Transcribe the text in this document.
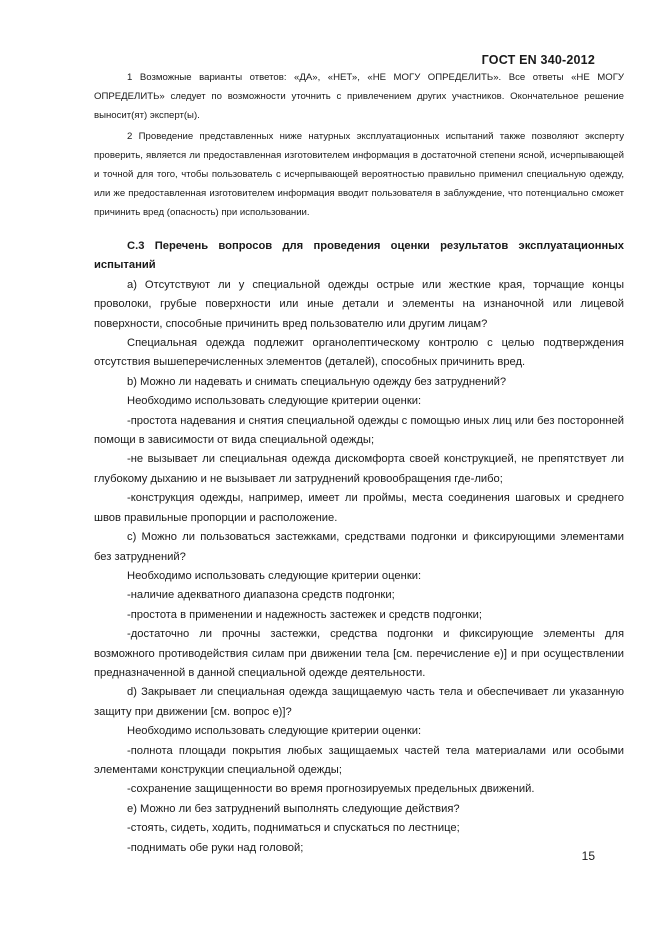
ГОСТ EN 340-2012

1 Возможные варианты ответов: «ДА», «НЕТ», «НЕ МОГУ ОПРЕДЕЛИТЬ». Все ответы «НЕ МОГУ ОПРЕДЕЛИТЬ» следует по возможности уточнить с привлечением других участников. Окончательное решение выносит(ят) эксперт(ы).

2 Проведение представленных ниже натурных эксплуатационных испытаний также позволяют эксперту проверить, является ли предоставленная изготовителем информация в достаточной степени ясной, исчерпывающей и точной для того, чтобы пользователь с исчерпывающей вероятностью правильно применил специальную одежду, или же предоставленная изготовителем информация вводит пользователя в заблуждение, что потенциально сможет причинить вред (опасность) при использовании.

С.3 Перечень вопросов для проведения оценки результатов эксплуатационных испытаний

а) Отсутствуют ли у специальной одежды острые или жесткие края, торчащие концы проволоки, грубые поверхности или иные детали и элементы на изнаночной или лицевой поверхности, способные причинить вред пользователю или другим лицам?

Специальная одежда подлежит органолептическому контролю с целью подтверждения отсутствия вышеперечисленных элементов (деталей), способных причинить вред.

b) Можно ли надевать и снимать специальную одежду без затруднений?

Необходимо использовать следующие критерии оценки:

-простота надевания и снятия специальной одежды с помощью иных лиц или без посторонней помощи в зависимости от вида специальной одежды;

-не вызывает ли специальная одежда дискомфорта своей конструкцией, не препятствует ли глубокому дыханию и не вызывает ли затруднений кровообращения где-либо;

-конструкция одежды, например, имеет ли проймы, места соединения шаговых и среднего швов правильные пропорции и расположение.

с) Можно ли пользоваться застежками, средствами подгонки и фиксирующими элементами без затруднений?

Необходимо использовать следующие критерии оценки:

-наличие адекватного диапазона средств подгонки;

-простота в применении и надежность застежек и средств подгонки;

-достаточно ли прочны застежки, средства подгонки и фиксирующие элементы для возможного противодействия силам при движении тела [см. перечисление е)] и при осуществлении предназначенной в данной специальной одежде деятельности.

d) Закрывает ли специальная одежда защищаемую часть тела и обеспечивает ли указанную защиту при движении [см. вопрос е)]?

Необходимо использовать следующие критерии оценки:

-полнота площади покрытия любых защищаемых частей тела материалами или особыми элементами конструкции специальной одежды;

-сохранение защищенности во время прогнозируемых предельных движений.

е) Можно ли без затруднений выполнять следующие действия?

-стоять, сидеть, ходить, подниматься и спускаться по лестнице;

-поднимать обе руки над головой;

15
